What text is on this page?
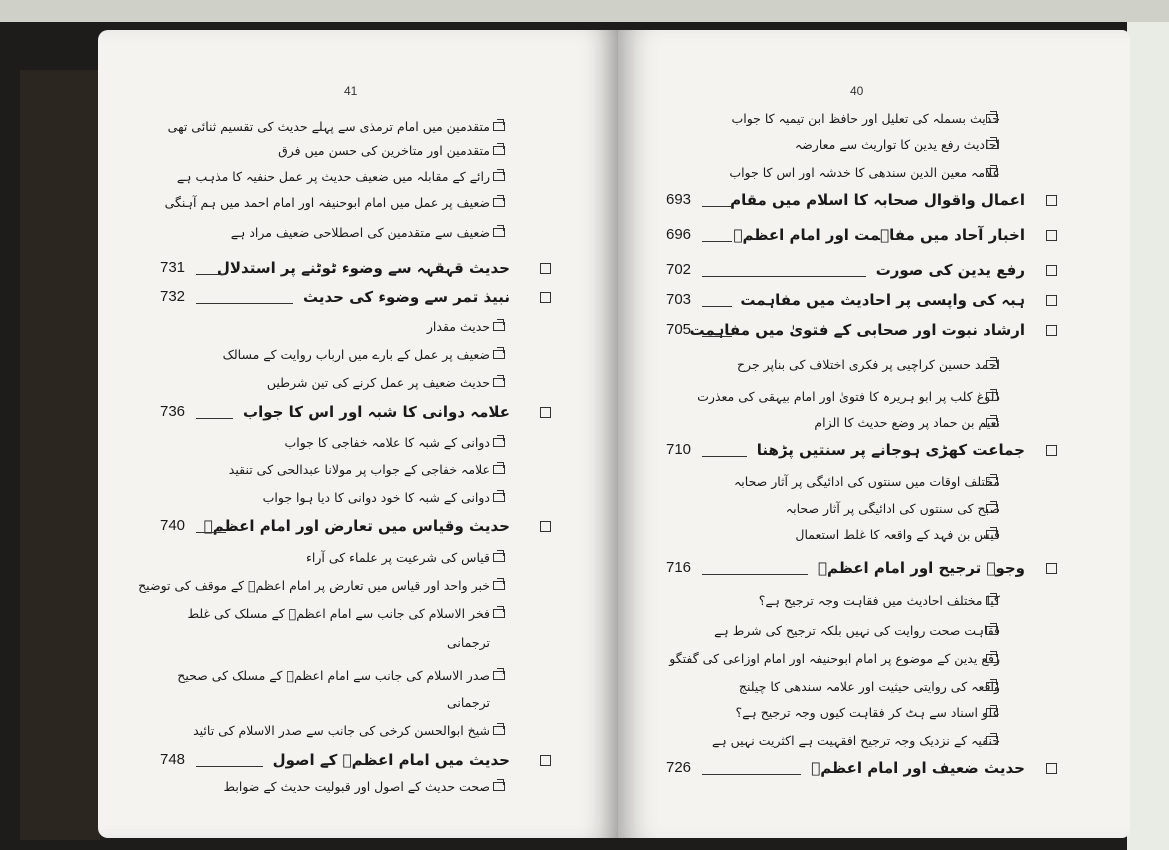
41
متقدمین میں امام ترمذی سے پہلے حدیث کی تقسیم ثنائی تھی
متقدمین اور متاخرین کی حسن میں فرق
رائے کے مقابلہ میں ضعیف حدیث پر عمل حنفیہ کا مذہب ہے
ضعیف پر عمل میں امام ابوحنیفہ اور امام احمد میں ہم آہنگی
ضعیف سے متقدمین کی اصطلاحی ضعیف مراد ہے
حدیث قہقہہ سے وضوء ٹوٹنے پر استدلال
731
نبیذ تمر سے وضوء کی حدیث
732
حدیث مقدار
ضعیف پر عمل کے بارے میں ارباب روایت کے مسالک
حدیث ضعیف پر عمل کرنے کی تین شرطیں
علامہ دوانی کا شبہ اور اس کا جواب
736
دوانی کے شبہ کا علامہ خفاجی کا جواب
علامہ خفاجی کے جواب پر مولانا عبدالحی کی تنقید
دوانی کے شبہ کا خود دوانی کا دیا ہوا جواب
حدیث وقیاس میں تعارض اور امام اعظمؒ
740
قیاس کی شرعیت پر علماء کی آراء
خبر واحد اور قیاس میں تعارض پر امام اعظمؒ کے موقف کی توضیح
فخر الاسلام کی جانب سے امام اعظمؒ کے مسلک کی غلط
ترجمانی
صدر الاسلام کی جانب سے امام اعظمؒ کے مسلک کی صحیح
ترجمانی
شیخ ابوالحسن کرخی کی جانب سے صدر الاسلام کی تائید
حدیث میں امام اعظمؒ کے اصول
748
صحت حدیث کے اصول اور قبولیت حدیث کے ضوابط
40
حدیث بسملہ کی تعلیل اور حافظ ابن تیمیہ کا جواب
احادیث رفع یدین کا تواریث سے معارضہ
علامہ معین الدین سندھی کا خدشہ اور اس کا جواب
اعمال واقوال صحابہ کا اسلام میں مقام
693
اخبار آحاد میں مفاہمت اور امام اعظمؒ
696
رفع یدین کی صورت
702
ہبہ کی واپسی پر احادیث میں مفاہمت
703
ارشاد نبوت اور صحابی کے فتویٰ میں مفاہمت
705
احمد حسین کراچیی پر فکری اختلاف کی بناپر جرح
دلوغ کلب پر ابو ہریرہ کا فتویٰ اور امام بیہقی کی معذرت
نعیم بن حماد پر وضع حدیث کا الزام
جماعت کھڑی ہوجانے پر سنتیں پڑھنا
710
مختلف اوقات میں سنتوں کی ادائیگی پر آثار صحابہ
صبح کی سنتوں کی ادائیگی پر آثار صحابہ
قیس بن فہد کے واقعہ کا غلط استعمال
وجوہ ترجیح اور امام اعظمؒ
716
کیا مختلف احادیث میں فقاہت وجہ ترجیح ہے؟
فقاہت صحت روایت کی نہیں بلکہ ترجیح کی شرط ہے
رفع یدین کے موضوع پر امام ابوحنیفہ اور امام اوزاعی کی گفتگو
واقعہ کی روایتی حیثیت اور علامہ سندھی کا چیلنج
علو اسناد سے ہٹ کر فقاہت کیوں وجہ ترجیح ہے؟
حنفیہ کے نزدیک وجہ ترجیح افقہیت ہے اکثریت نہیں ہے
حدیث ضعیف اور امام اعظمؒ
726
